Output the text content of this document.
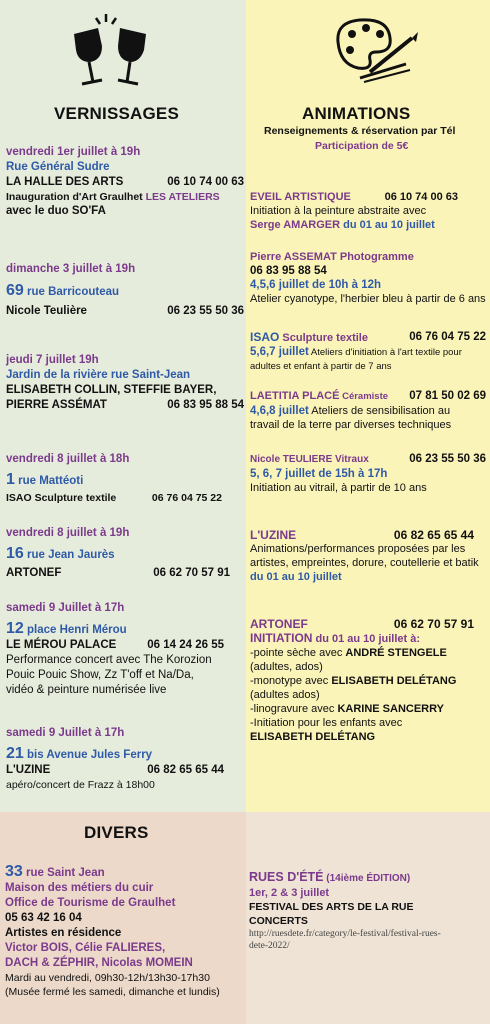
VERNISSAGES
vendredi 1er juillet à 19h
Rue Général Sudre
LA HALLE DES ARTS	06 10 74 00 63
Inauguration d'Art Graulhet LES ATELIERS
avec le duo SO'FA
dimanche 3 juillet à 19h
69 rue Barricouteau
Nicole Teulière	06 23 55 50 36
jeudi 7 juillet 19h
Jardin de la rivière rue Saint-Jean
ELISABETH COLLIN, STEFFIE BAYER,
PIERRE ASSÉMAT	06 83 95 88 54
vendredi 8 juillet à 18h
1 rue Mattéoti
ISAO Sculpture textile	06 76 04 75 22
vendredi 8 juillet à 19h
16 rue Jean Jaurès
ARTONEF	06 62 70 57 91
samedi 9 Juillet à 17h
12 place Henri Mérou
LE MÉROU PALACE	06 14 24 26 55
Performance concert avec The Korozion
Pouic Pouic Show, Zz T'off et Na/Da,
vidéo & peinture numérisée live
samedi 9 Juillet à 17h
21 bis Avenue Jules Ferry
L'UZINE	06 82 65 65 44
apéro/concert de Frazz à 18h00
ANIMATIONS
Renseignements & réservation par Tél
Participation de 5€
EVEIL ARTISTIQUE	06 10 74 00 63
Initiation à la peinture abstraite avec
Serge AMARGER du 01 au 10 juillet
Pierre ASSEMAT Photogramme
06 83 95 88 54
4,5,6 juillet de 10h à 12h
Atelier cyanotype, l'herbier bleu à partir de 6 ans
ISAO Sculpture textile	06 76 04 75 22
5,6,7 juillet Ateliers d'initiation à l'art textile pour
adultes et enfant à partir de 7 ans
LAETITIA PLACÉ Céramiste 07 81 50 02 69
4,6,8 juillet Ateliers de sensibilisation au
travail de la terre par diverses techniques
Nicole TEULIERE Vitraux	06 23 55 50 36
5, 6, 7 juillet de 15h à 17h
Initiation au vitrail, à partir de 10 ans
L'UZINE	06 82 65 65 44
Animations/performances proposées par les
artistes, empreintes, dorure, coutellerie et batik
du 01 au 10 juillet
ARTONEF	06 62 70 57 91
INITIATION du 01 au 10 juillet à:
-pointe sèche avec ANDRÉ STENGELE
(adultes, ados)
-monotype avec ELISABETH DELÉTANG
(adultes ados)
-linogravure avec KARINE SANCERRY
-Initiation pour les enfants avec
ELISABETH DELÉTANG
DIVERS
33 rue Saint Jean
Maison des métiers du cuir
Office de Tourisme de Graulhet
05 63 42 16 04
Artistes en résidence
Victor BOIS, Célie FALIERES,
DACH & ZÉPHIR, Nicolas MOMEIN
Mardi au vendredi, 09h30-12h/13h30-17h30
(Musée fermé les samedi, dimanche et lundis)
RUES D'ÉTÉ (14ième ÉDITION)
1er, 2 & 3 juillet
FESTIVAL DES ARTS DE LA RUE
CONCERTS
http://ruesdete.fr/category/le-festival/festival-rues-
dete-2022/
